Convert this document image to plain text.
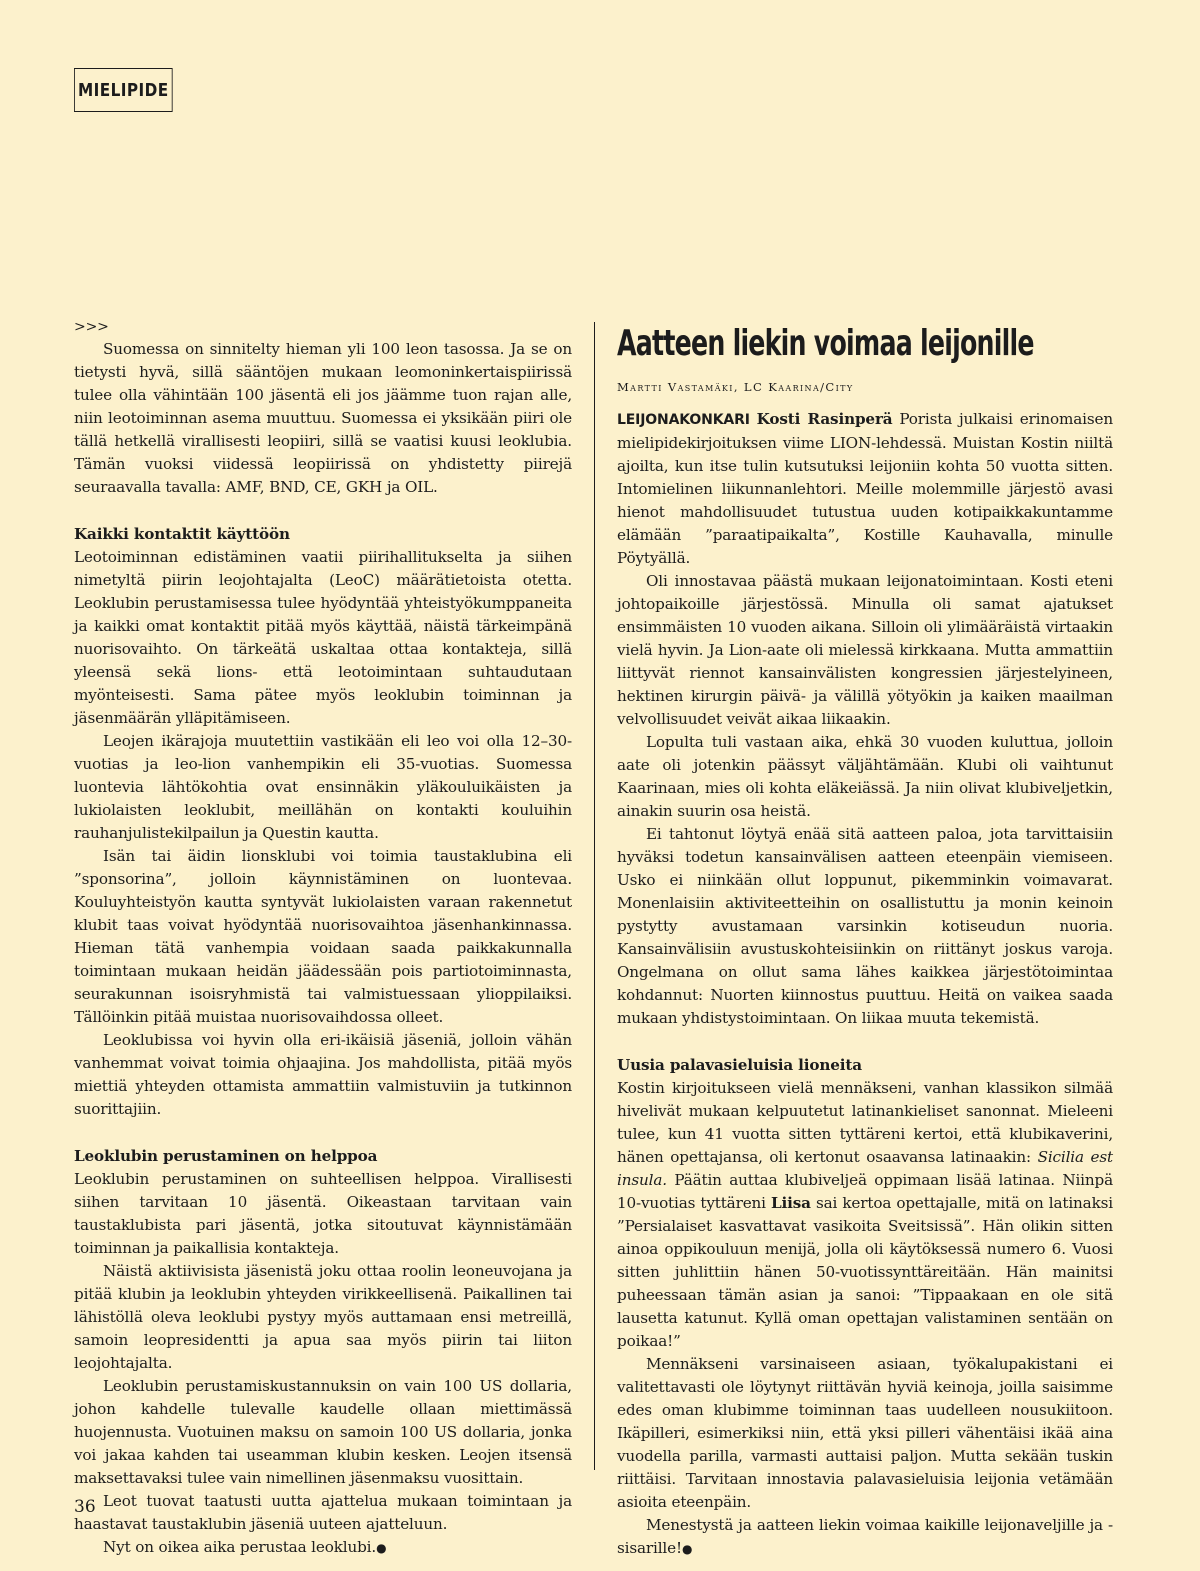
MIELIPIDE

>>>

Suomessa on sinnitelty hieman yli 100 leon tasossa. Ja se on tietysti hyvä, sillä sääntöjen mukaan leomoninkertaispiirissä tulee olla vähintään 100 jäsentä eli jos jäämme tuon rajan alle, niin leotoiminnan asema muuttuu. Suomessa ei yksikään piiri ole tällä hetkellä virallisesti leopiiri, sillä se vaatisi kuusi leoklubia. Tämän vuoksi viidessä leopiirissä on yhdistetty piirejä seuraavalla tavalla: AMF, BND, CE, GKH ja OIL.

Kaikki kontaktit käyttöön

Leotoiminnan edistäminen vaatii piirihallitukselta ja siihen nimetyltä piirin leojohtajalta (LeoC) määrätietoista otetta. Leoklubin perustamisessa tulee hyödyntää yhteistyökumppaneita ja kaikki omat kontaktit pitää myös käyttää, näistä tärkeimpänä nuorisovaihto. On tärkeätä uskaltaa ottaa kontakteja, sillä yleensä sekä lions- että leotoimintaan suhtaudutaan myönteisesti. Sama pätee myös leoklubin toiminnan ja jäsenmäärän ylläpitämiseen.

Leojen ikärajoja muutettiin vastikään eli leo voi olla 12–30-vuotias ja leo-lion vanhempikin eli 35-vuotias. Suomessa luontevia lähtökohtia ovat ensinnäkin yläkouluikäisten ja lukiolaisten leoklubit, meillähän on kontakti kouluihin rauhanjulistekilpailun ja Questin kautta.

Isän tai äidin lionsklubi voi toimia taustaklubina eli ”sponsorina”, jolloin käynnistäminen on luontevaa. Kouluyhteistyön kautta syntyvät lukiolaisten varaan rakennetut klubit taas voivat hyödyntää nuorisovaihtoa jäsenhankinnassa. Hieman tätä vanhempia voidaan saada paikkakunnalla toimintaan mukaan heidän jäädessään pois partiotoiminnasta, seurakunnan isoisryhmistä tai valmistuessaan ylioppilaiksi. Tällöinkin pitää muistaa nuorisovaihdossa olleet.

Leoklubissa voi hyvin olla eri-ikäisiä jäseniä, jolloin vähän vanhemmat voivat toimia ohjaajina. Jos mahdollista, pitää myös miettiä yhteyden ottamista ammattiin valmistuviin ja tutkinnon suorittajiin.

Leoklubin perustaminen on helppoa

Leoklubin perustaminen on suhteellisen helppoa. Virallisesti siihen tarvitaan 10 jäsentä. Oikeastaan tarvitaan vain taustaklubista pari jäsentä, jotka sitoutuvat käynnistämään toiminnan ja paikallisia kontakteja.

Näistä aktiivisista jäsenistä joku ottaa roolin leoneuvojana ja pitää klubin ja leoklubin yhteyden virikkeellisenä. Paikallinen tai lähistöllä oleva leoklubi pystyy myös auttamaan ensi metreillä, samoin leopresidentti ja apua saa myös piirin tai liiton leojohtajalta.

Leoklubin perustamiskustannuksin on vain 100 US dollaria, johon kahdelle tulevalle kaudelle ollaan miettimässä huojennusta. Vuotuinen maksu on samoin 100 US dollaria, jonka voi jakaa kahden tai useamman klubin kesken. Leojen itsensä maksettavaksi tulee vain nimellinen jäsenmaksu vuosittain.

Leot tuovat taatusti uutta ajattelua mukaan toimintaan ja haastavat taustaklubin jäseniä uuteen ajatteluun.

Nyt on oikea aika perustaa leoklubi.●

Aatteen liekin voimaa leijonille

Martti Vastamäki, LC Kaarina/City

LEIJONAKONKARI Kosti Rasinperä Porista julkaisi erinomaisen mielipidekirjoituksen viime LION-lehdessä. Muistan Kostin niiltä ajoilta, kun itse tulin kutsutuksi leijoniin kohta 50 vuotta sitten. Intomielinen liikunnanlehtori. Meille molemmille järjestö avasi hienot mahdollisuudet tutustua uuden kotipaikkakuntamme elämään ”paraatipaikalta”, Kostille Kauhavalla, minulle Pöytyällä.

Oli innostavaa päästä mukaan leijonatoimintaan. Kosti eteni johtopaikoille järjestössä. Minulla oli samat ajatukset ensimmäisten 10 vuoden aikana. Silloin oli ylimääräistä virtaakin vielä hyvin. Ja Lion-aate oli mielessä kirkkaana. Mutta ammattiin liittyvät riennot kansainvälisten kongressien järjestelyineen, hektinen kirurgin päivä- ja välillä yötyökin ja kaiken maailman velvollisuudet veivät aikaa liikaakin.

Lopulta tuli vastaan aika, ehkä 30 vuoden kuluttua, jolloin aate oli jotenkin päässyt väljähtämään. Klubi oli vaihtunut Kaarinaan, mies oli kohta eläkeiässä. Ja niin olivat klubiveljetkin, ainakin suurin osa heistä.

Ei tahtonut löytyä enää sitä aatteen paloa, jota tarvittaisiin hyväksi todetun kansainvälisen aatteen eteenpäin viemiseen. Usko ei niinkään ollut loppunut, pikemminkin voimavarat. Monenlaisiin aktiviteetteihin on osallistuttu ja monin keinoin pystytty avustamaan varsinkin kotiseudun nuoria. Kansainvälisiin avustuskohteisiinkin on riittänyt joskus varoja. Ongelmana on ollut sama lähes kaikkea järjestötoimintaa kohdannut: Nuorten kiinnostus puuttuu. Heitä on vaikea saada mukaan yhdistystoimintaan. On liikaa muuta tekemistä.

Uusia palavasieluisia lioneita

Kostin kirjoitukseen vielä mennäkseni, vanhan klassikon silmää hivelivät mukaan kelpuutetut latinankieliset sanonnat. Mieleeni tulee, kun 41 vuotta sitten tyttäreni kertoi, että klubikaverini, hänen opettajansa, oli kertonut osaavansa latinaakin: Sicilia est insula. Päätin auttaa klubiveljeä oppimaan lisää latinaa. Niinpä 10-vuotias tyttäreni Liisa sai kertoa opettajalle, mitä on latinaksi ”Persialaiset kasvattavat vasikoita Sveitsissä”. Hän olikin sitten ainoa oppikouluun menijä, jolla oli käytöksessä numero 6. Vuosi sitten juhlittiin hänen 50-vuotissynttäreitään. Hän mainitsi puheessaan tämän asian ja sanoi: ”Tippaakaan en ole sitä lausetta katunut. Kyllä oman opettajan valistaminen sentään on poikaa!”

Mennäkseni varsinaiseen asiaan, työkalupakistani ei valitettavasti ole löytynyt riittävän hyviä keinoja, joilla saisimme edes oman klubimme toiminnan taas uudelleen nousukiitoon. Ikäpilleri, esimerkiksi niin, että yksi pilleri vähentäisi ikää aina vuodella parilla, varmasti auttaisi paljon. Mutta sekään tuskin riittäisi. Tarvitaan innostavia palavasieluisia leijonia vetämään asioita eteenpäin.

Menestystä ja aatteen liekin voimaa kaikille leijonaveljille ja -sisarille!●

36
